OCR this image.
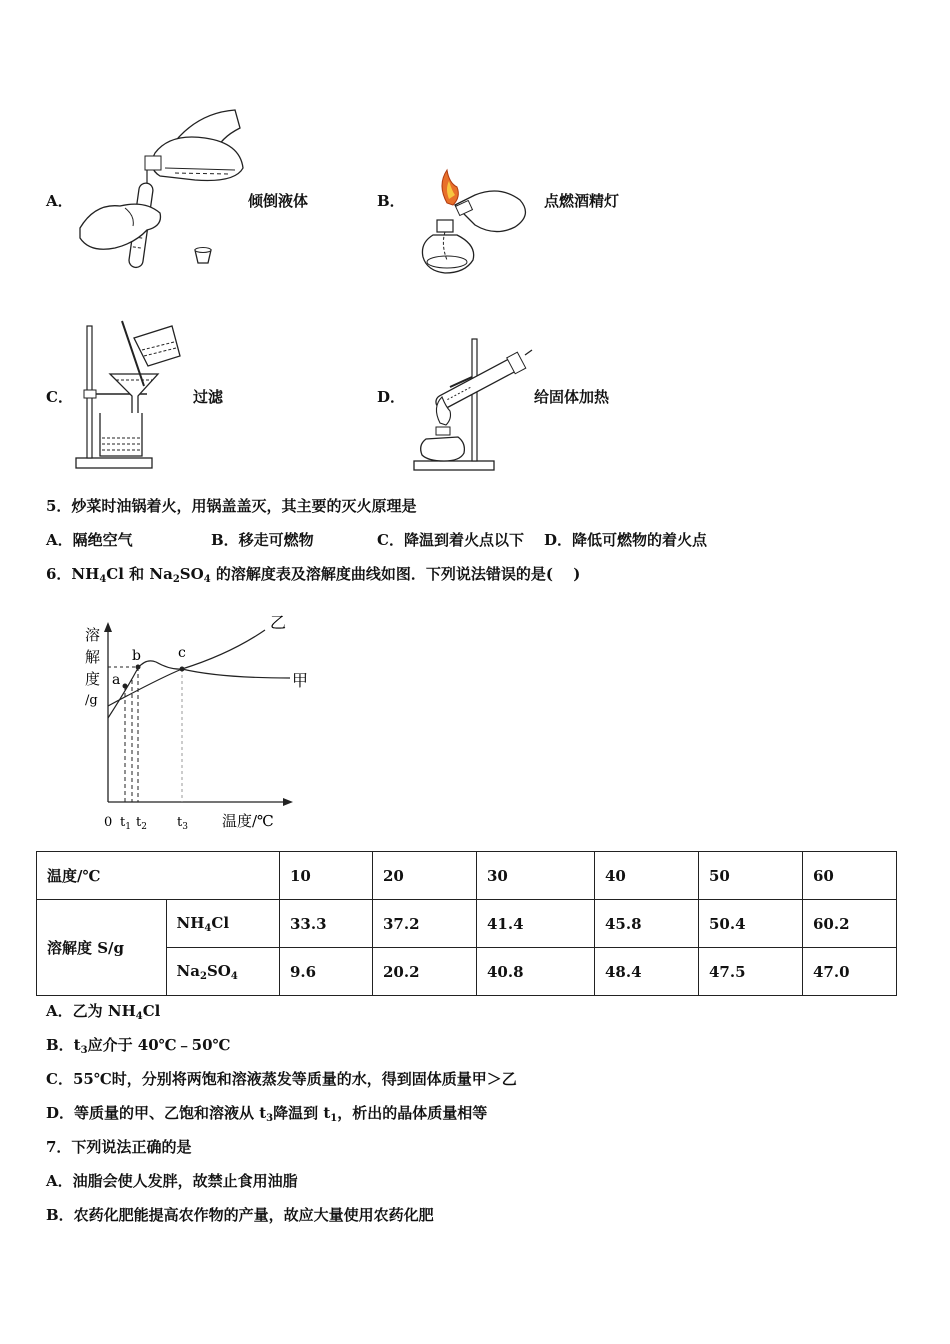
A．	倾倒液体	B．	点燃酒精灯
C．	过滤	D．	给固体加热
5．炒菜时油锅着火，用锅盖盖灭，其主要的灭火原理是
A．隔绝空气	B．移走可燃物	C．降温到着火点以下 D．降低可燃物的着火点
6．$NH_4Cl$ 和 $Na_2SO_4$ 的溶解度表及溶解度曲线如图．下列说法错误的是(　 )
溶
解
度
/g
a
b	c
乙
甲
0 $t_1$ $t_2$ $t_3$ 温度/℃
温度/℃		10	20	30	40	50	60
溶解度 S/g	$NH_4Cl$	33.3	37.2	41.4	45.8	50.4	60.2
	$Na_2SO_4$	9.6	20.2	40.8	48.4	47.5	47.0
A．乙为 $NH_4Cl$
B．$t_3$应介于 40℃﹣50℃
C．55℃时，分别将两饱和溶液蒸发等质量的水，得到固体质量甲＞乙
D．等质量的甲、乙饱和溶液从 $t_3$降温到 $t_1$，析出的晶体质量相等
7．下列说法正确的是
A．油脂会使人发胖，故禁止食用油脂
B．农药化肥能提高农作物的产量，故应大量使用农药化肥
